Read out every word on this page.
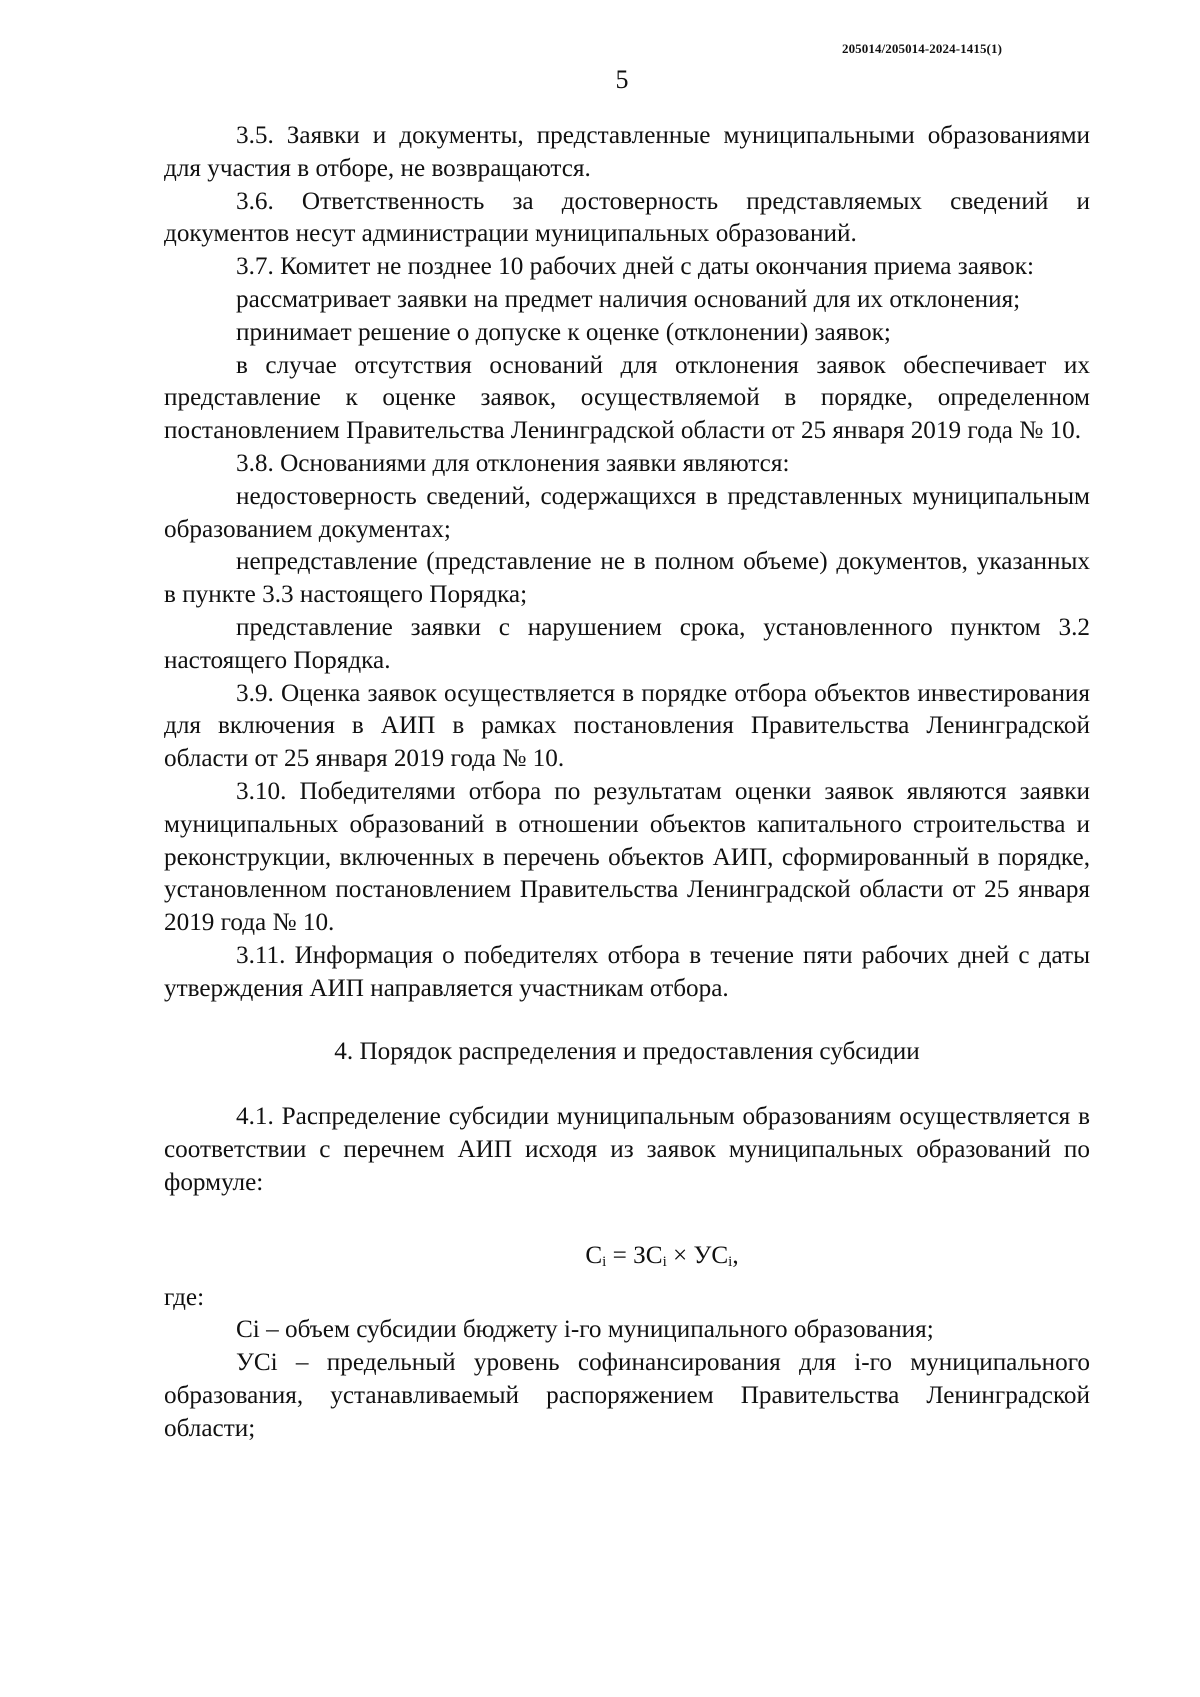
205014/205014-2024-1415(1)
5

3.5. Заявки и документы, представленные муниципальными образованиями для участия в отборе, не возвращаются.

3.6. Ответственность за достоверность представляемых сведений и документов несут администрации муниципальных образований.

3.7. Комитет не позднее 10 рабочих дней с даты окончания приема заявок:

рассматривает заявки на предмет наличия оснований для их отклонения;

принимает решение о допуске к оценке (отклонении) заявок;

в случае отсутствия оснований для отклонения заявок обеспечивает их представление к оценке заявок, осуществляемой в порядке, определенном постановлением Правительства Ленинградской области от 25 января 2019 года № 10.

3.8. Основаниями для отклонения заявки являются:

недостоверность сведений, содержащихся в представленных муниципальным образованием документах;

непредставление (представление не в полном объеме) документов, указанных в пункте 3.3 настоящего Порядка;

представление заявки с нарушением срока, установленного пунктом 3.2 настоящего Порядка.

3.9. Оценка заявок осуществляется в порядке отбора объектов инвестирования для включения в АИП в рамках постановления Правительства Ленинградской области от 25 января 2019 года № 10.

3.10. Победителями отбора по результатам оценки заявок являются заявки муниципальных образований в отношении объектов капитального строительства и реконструкции, включенных в перечень объектов АИП, сформированный в порядке, установленном постановлением Правительства Ленинградской области от 25 января 2019 года № 10.

3.11. Информация о победителях отбора в течение пяти рабочих дней с даты утверждения АИП направляется участникам отбора.

4. Порядок распределения и предоставления субсидии

4.1. Распределение субсидии муниципальным образованиям осуществляется в соответствии с перечнем АИП исходя из заявок муниципальных образований по формуле:

$C_i = ЗС_i \times УС_i$,

где:

Ci – объем субсидии бюджету i-го муниципального образования;

УСi – предельный уровень софинансирования для i-го муниципального образования, устанавливаемый распоряжением Правительства Ленинградской области;
